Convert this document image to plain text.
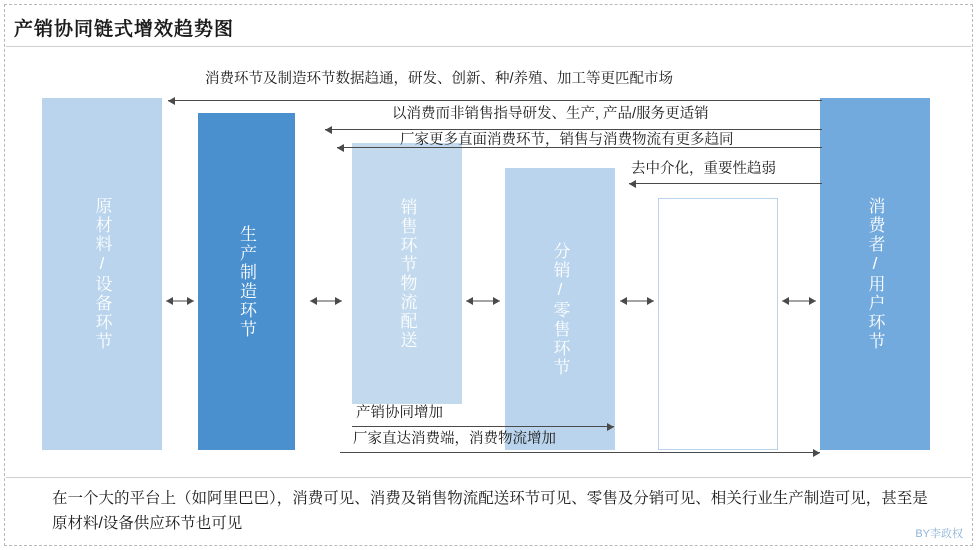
产销协同链式增效趋势图
原材料/设备环节	生产制造环节	销售环节物流配送	分销/零售环节	消费环节物流配送	消费者/用户环节
消费环节及制造环节数据趋通，研发、创新、种/养殖、加工等更匹配市场
以消费而非销售指导研发、生产, 产品/服务更适销
厂家更多直面消费环节，销售与消费物流有更多趋同
去中介化，重要性趋弱
产销协同增加
厂家直达消费端，消费物流增加
在一个大的平台上（如阿里巴巴），消费可见、消费及销售物流配送环节可见、零售及分销可见、相关行业生产制造可见，甚至是原材料/设备供应环节也可见
BY李政权
